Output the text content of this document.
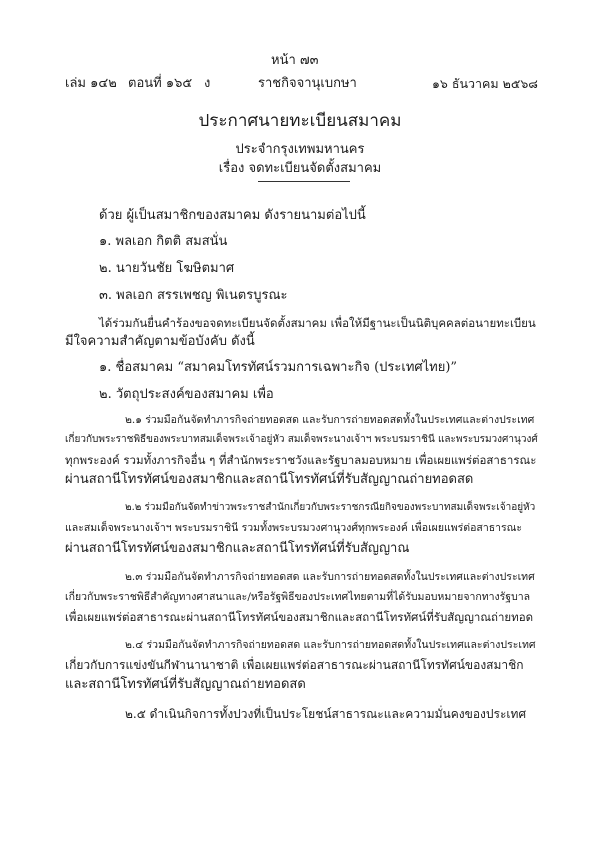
หน้า ๗๓
เล่ม ๑๔๒ ตอนที่ ๑๖๕ ง	ราชกิจจานุเบกษา	๑๖ ธันวาคม ๒๕๖๘
ประกาศนายทะเบียนสมาคม
ประจำกรุงเทพมหานคร
เรื่อง จดทะเบียนจัดตั้งสมาคม
ด้วย ผู้เป็นสมาชิกของสมาคม ดังรายนามต่อไปนี้
๑. พลเอก กิตติ สมสนั่น
๒. นายวันชัย โฆษิตมาศ
๓. พลเอก สรรเพชญ พิเนตรบูรณะ
ได้ร่วมกันยื่นคำร้องขอจดทะเบียนจัดตั้งสมาคม เพื่อให้มีฐานะเป็นนิติบุคคลต่อนายทะเบียน
มีใจความสำคัญตามข้อบังคับ ดังนี้
๑. ชื่อสมาคม “สมาคมโทรทัศน์รวมการเฉพาะกิจ (ประเทศไทย)”
๒. วัตถุประสงค์ของสมาคม เพื่อ
๒.๑ ร่วมมือกันจัดทำภารกิจถ่ายทอดสด และรับการถ่ายทอดสดทั้งในประเทศและต่างประเทศ
เกี่ยวกับพระราชพิธีของพระบาทสมเด็จพระเจ้าอยู่หัว สมเด็จพระนางเจ้าฯ พระบรมราชินี และพระบรมวงศานุวงศ์
ทุกพระองค์ รวมทั้งภารกิจอื่น ๆ ที่สำนักพระราชวังและรัฐบาลมอบหมาย เพื่อเผยแพร่ต่อสาธารณะ
ผ่านสถานีโทรทัศน์ของสมาชิกและสถานีโทรทัศน์ที่รับสัญญาณถ่ายทอดสด
๒.๒ ร่วมมือกันจัดทำข่าวพระราชสำนักเกี่ยวกับพระราชกรณียกิจของพระบาทสมเด็จพระเจ้าอยู่หัว
และสมเด็จพระนางเจ้าฯ พระบรมราชินี รวมทั้งพระบรมวงศานุวงศ์ทุกพระองค์ เพื่อเผยแพร่ต่อสาธารณะ
ผ่านสถานีโทรทัศน์ของสมาชิกและสถานีโทรทัศน์ที่รับสัญญาณ
๒.๓ ร่วมมือกันจัดทำภารกิจถ่ายทอดสด และรับการถ่ายทอดสดทั้งในประเทศและต่างประเทศ
เกี่ยวกับพระราชพิธีสำคัญทางศาสนาและ/หรือรัฐพิธีของประเทศไทยตามที่ได้รับมอบหมายจากทางรัฐบาล
เพื่อเผยแพร่ต่อสาธารณะผ่านสถานีโทรทัศน์ของสมาชิกและสถานีโทรทัศน์ที่รับสัญญาณถ่ายทอด
๒.๔ ร่วมมือกันจัดทำภารกิจถ่ายทอดสด และรับการถ่ายทอดสดทั้งในประเทศและต่างประเทศ
เกี่ยวกับการแข่งขันกีฬานานาชาติ เพื่อเผยแพร่ต่อสาธารณะผ่านสถานีโทรทัศน์ของสมาชิก
และสถานีโทรทัศน์ที่รับสัญญาณถ่ายทอดสด
๒.๕ ดำเนินกิจการทั้งปวงที่เป็นประโยชน์สาธารณะและความมั่นคงของประเทศ
